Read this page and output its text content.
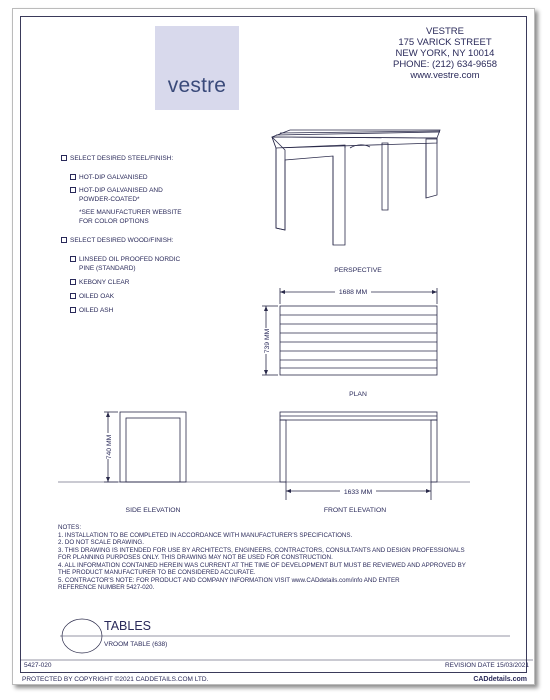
vestre
VESTRE
175 VARICK STREET
NEW YORK, NY 10014
PHONE: (212) 634-9658
www.vestre.com
SELECT DESIRED STEEL/FINISH:
HOT-DIP GALVANISED
HOT-DIP GALVANISED AND
POWDER-COATED*
*SEE MANUFACTURER WEBSITE
FOR COLOR OPTIONS
SELECT DESIRED WOOD/FINISH:
LINSEED OIL PROOFED NORDIC
PINE (STANDARD)
KEBONY CLEAR
OILED OAK
OILED ASH
1688 MM
739 MM
740 MM
1633 MM
PERSPECTIVE
PLAN
SIDE ELEVATION	FRONT ELEVATION
TABLES
VROOM TABLE (638)
5427-020	REVISION DATE 15/03/2021
PROTECTED BY COPYRIGHT ©2021 CADDETAILS.COM LTD.	CADdetails.com
NOTES:
1. INSTALLATION TO BE COMPLETED IN ACCORDANCE WITH MANUFACTURER'S SPECIFICATIONS.
2. DO NOT SCALE DRAWING.
3. THIS DRAWING IS INTENDED FOR USE BY ARCHITECTS, ENGINEERS, CONTRACTORS, CONSULTANTS AND DESIGN PROFESSIONALS
FOR PLANNING PURPOSES ONLY. THIS DRAWING MAY NOT BE USED FOR CONSTRUCTION.
4. ALL INFORMATION CONTAINED HEREIN WAS CURRENT AT THE TIME OF DEVELOPMENT BUT MUST BE REVIEWED AND APPROVED BY
THE PRODUCT MANUFACTURER TO BE CONSIDERED ACCURATE.
5. CONTRACTOR'S NOTE: FOR PRODUCT AND COMPANY INFORMATION VISIT www.CADdetails.com/info AND ENTER
REFERENCE NUMBER 5427-020.
